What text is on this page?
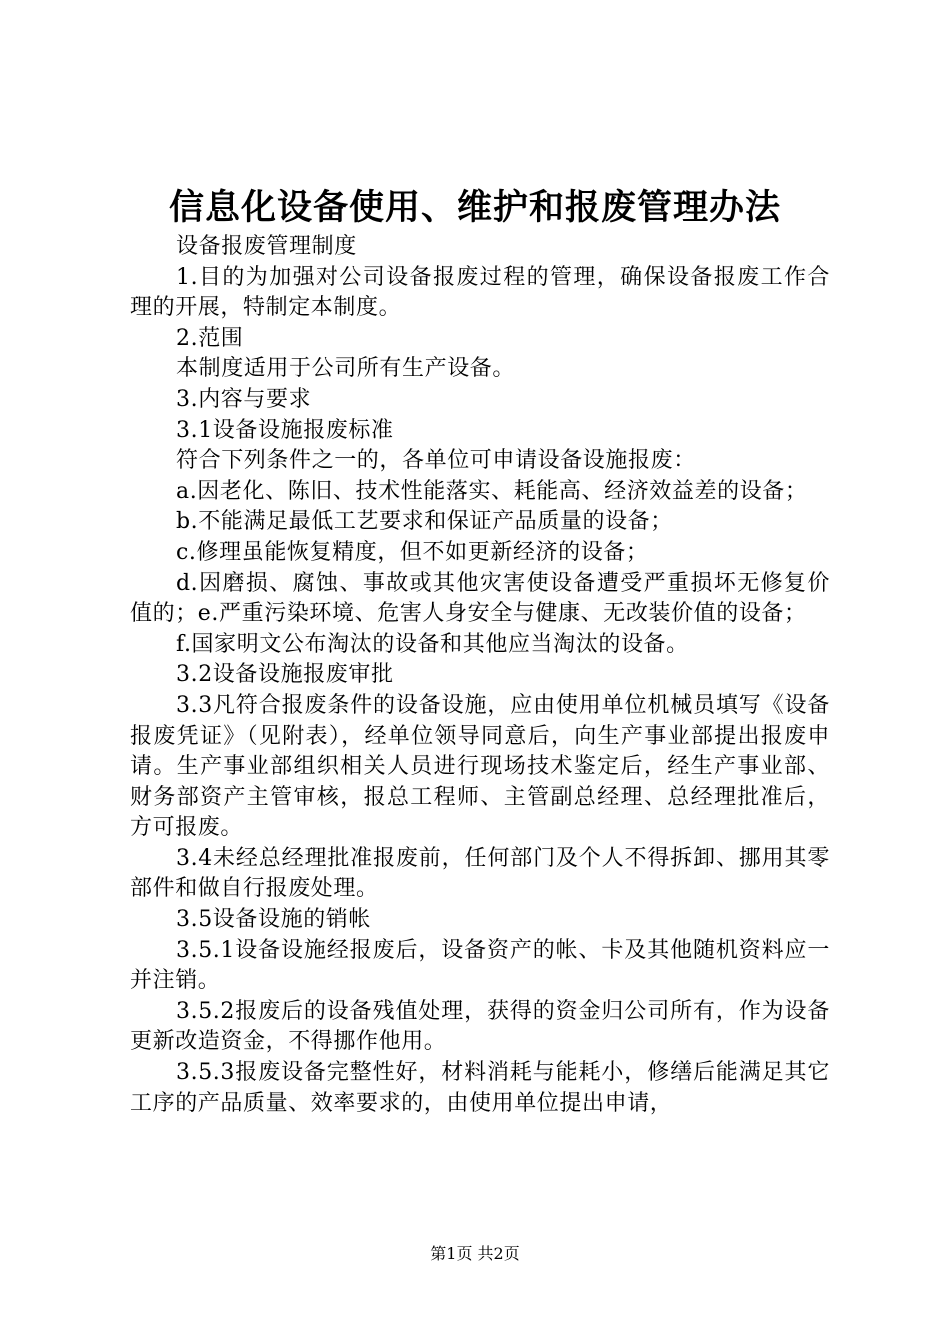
信息化设备使用、维护和报废管理办法

设备报废管理制度

1.目的为加强对公司设备报废过程的管理，确保设备报废工作合理的开展，特制定本制度。

2.范围

本制度适用于公司所有生产设备。

3.内容与要求

3.1设备设施报废标准

符合下列条件之一的，各单位可申请设备设施报废：

a.因老化、陈旧、技术性能落实、耗能高、经济效益差的设备；

b.不能满足最低工艺要求和保证产品质量的设备；

c.修理虽能恢复精度，但不如更新经济的设备；

d.因磨损、腐蚀、事故或其他灾害使设备遭受严重损坏无修复价值的；e.严重污染环境、危害人身安全与健康、无改装价值的设备；

f.国家明文公布淘汰的设备和其他应当淘汰的设备。

3.2设备设施报废审批

3.3凡符合报废条件的设备设施，应由使用单位机械员填写《设备报废凭证》（见附表），经单位领导同意后，向生产事业部提出报废申请。生产事业部组织相关人员进行现场技术鉴定后，经生产事业部、财务部资产主管审核，报总工程师、主管副总经理、总经理批准后，方可报废。

3.4未经总经理批准报废前，任何部门及个人不得拆卸、挪用其零部件和做自行报废处理。

3.5设备设施的销帐

3.5.1设备设施经报废后，设备资产的帐、卡及其他随机资料应一并注销。

3.5.2报废后的设备残值处理，获得的资金归公司所有，作为设备更新改造资金，不得挪作他用。

3.5.3报废设备完整性好，材料消耗与能耗小，修缮后能满足其它工序的产品质量、效率要求的，由使用单位提出申请，

第1页 共2页
